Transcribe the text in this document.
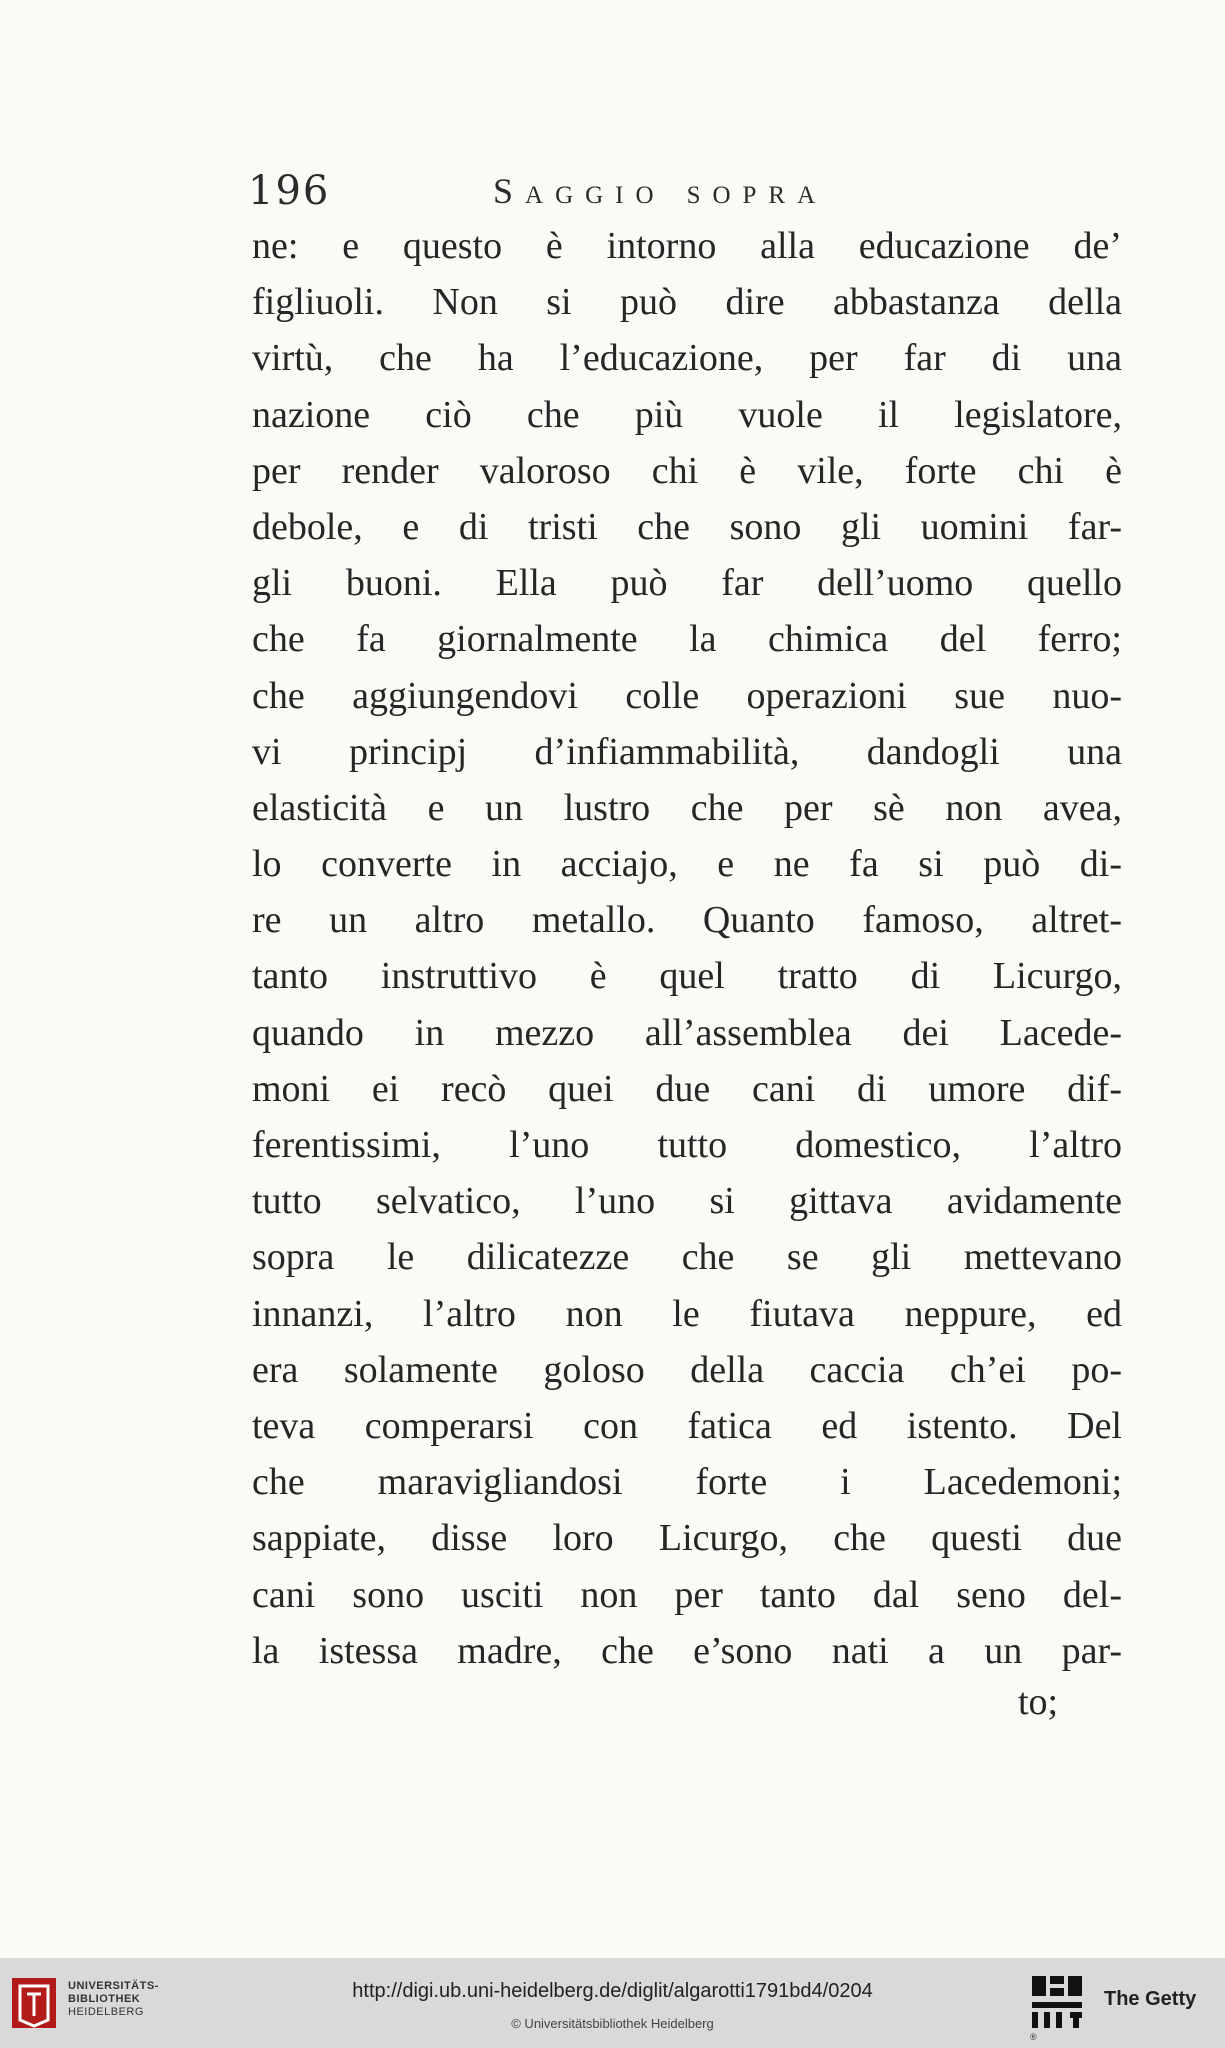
196	Saggio sopra
ne: e questo è intorno alla educazione de’
figliuoli. Non si può dire abbastanza della
virtù, che ha l’educazione, per far di una
nazione ciò che più vuole il legislatore,
per render valoroso chi è vile, forte chi è
debole, e di tristi che sono gli uomini far-
gli buoni. Ella può far dell’uomo quello
che fa giornalmente la chimica del ferro;
che aggiungendovi colle operazioni sue nuo-
vi principj d’infiammabilità, dandogli una
elasticità e un lustro che per sè non avea,
lo converte in acciajo, e ne fa si può di-
re un altro metallo. Quanto famoso, altret-
tanto instruttivo è quel tratto di Licurgo,
quando in mezzo all’assemblea dei Lacede-
moni ei recò quei due cani di umore dif-
ferentissimi, l’uno tutto domestico, l’altro
tutto selvatico, l’uno si gittava avidamente
sopra le dilicatezze che se gli mettevano
innanzi, l’altro non le fiutava neppure, ed
era solamente goloso della caccia ch’ei po-
teva comperarsi con fatica ed istento. Del
che maravigliandosi forte i Lacedemoni;
sappiate, disse loro Licurgo, che questi due
cani sono usciti non per tanto dal seno del-
la istessa madre, che e’sono nati a un par-
to;
UNIVERSITÄTS-
BIBLIOTHEK
HEIDELBERG
http://digi.ub.uni-heidelberg.de/diglit/algarotti1791bd4/0204
© Universitätsbibliothek Heidelberg
®
The Getty
